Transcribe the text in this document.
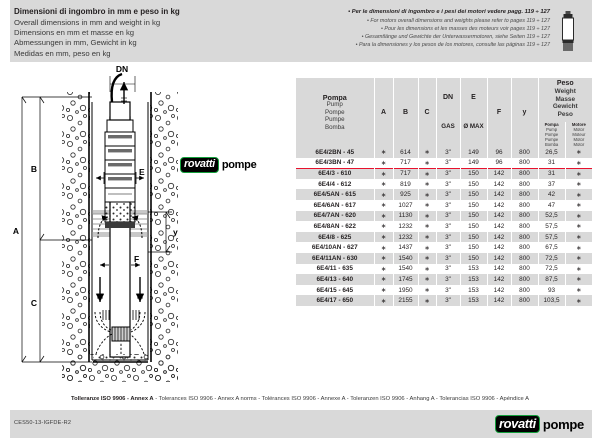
Dimensioni di ingombro in mm e peso in kg
Overall dimensions in mm and weight in kg
Dimensions en mm et masse en kg
Abmessungen in mm, Gewicht in kg
Medidas en mm, peso en kg
• Per le dimensioni di ingombro e i pesi dei motori vedere pagg. 119 ÷ 127
• For motors overall dimensions and weights please refer to pages 119 ÷ 127
• Pour les dimensions et les masses des moteurs voir pages 119 ÷ 127
• Gesamtlänge und Gewichte der Unterwassermotoren, siehe Seiten 119 ÷ 127
• Para la dimensiones y los pesos de los motores, consulte las páginas 119 ÷ 127
DN
A
B
C
E
F
y
rovatti pompe
Pompa
Pump
Pompe
Pumpe
Bomba
	A	B	C	DN
GAS
	E
Ø MAX
	F	y	
Peso
Weight
Masse
Gewicht
Peso
Pompa
Pump
Pompe
Pumpe
Bomba
Motore
Motor
Moteur
Motor
Motor

6E4/2BN - 45	∗	614	∗	3"	149	96	800	26,5	∗
6E4/3BN - 47	∗	717	∗	3"	149	96	800	31	∗
6E4/3 - 610	∗	717	∗	3"	150	142	800	31	∗
6E4/4 - 612	∗	819	∗	3"	150	142	800	37	∗
6E4/5AN - 615	∗	925	∗	3"	150	142	800	42	∗
6E4/6AN - 617	∗	1027	∗	3"	150	142	800	47	∗
6E4/7AN - 620	∗	1130	∗	3"	150	142	800	52,5	∗
6E4/8AN - 622	∗	1232	∗	3"	150	142	800	57,5	∗
6E4/8 - 625	∗	1232	∗	3"	150	142	800	57,5	∗
6E4/10AN - 627	∗	1437	∗	3"	150	142	800	67,5	∗
6E4/11AN - 630	∗	1540	∗	3"	150	142	800	72,5	∗
6E4/11 - 635	∗	1540	∗	3"	153	142	800	72,5	∗
6E4/13 - 640	∗	1745	∗	3"	153	142	800	87,5	∗
6E4/15 - 645	∗	1950	∗	3"	153	142	800	93	∗
6E4/17 - 650	∗	2155	∗	3"	153	142	800	103,5	∗
Tolleranze ISO 9906 - Annex A - Tolerances ISO 9906 - Annex A norms - Tolérances ISO 9906 - Annexe A - Toleranzen ISO 9906 - Anhang A - Tolerancias ISO 9906 - Apéndice A
CES50-13-IGFDE-R2	rovatti pompe
